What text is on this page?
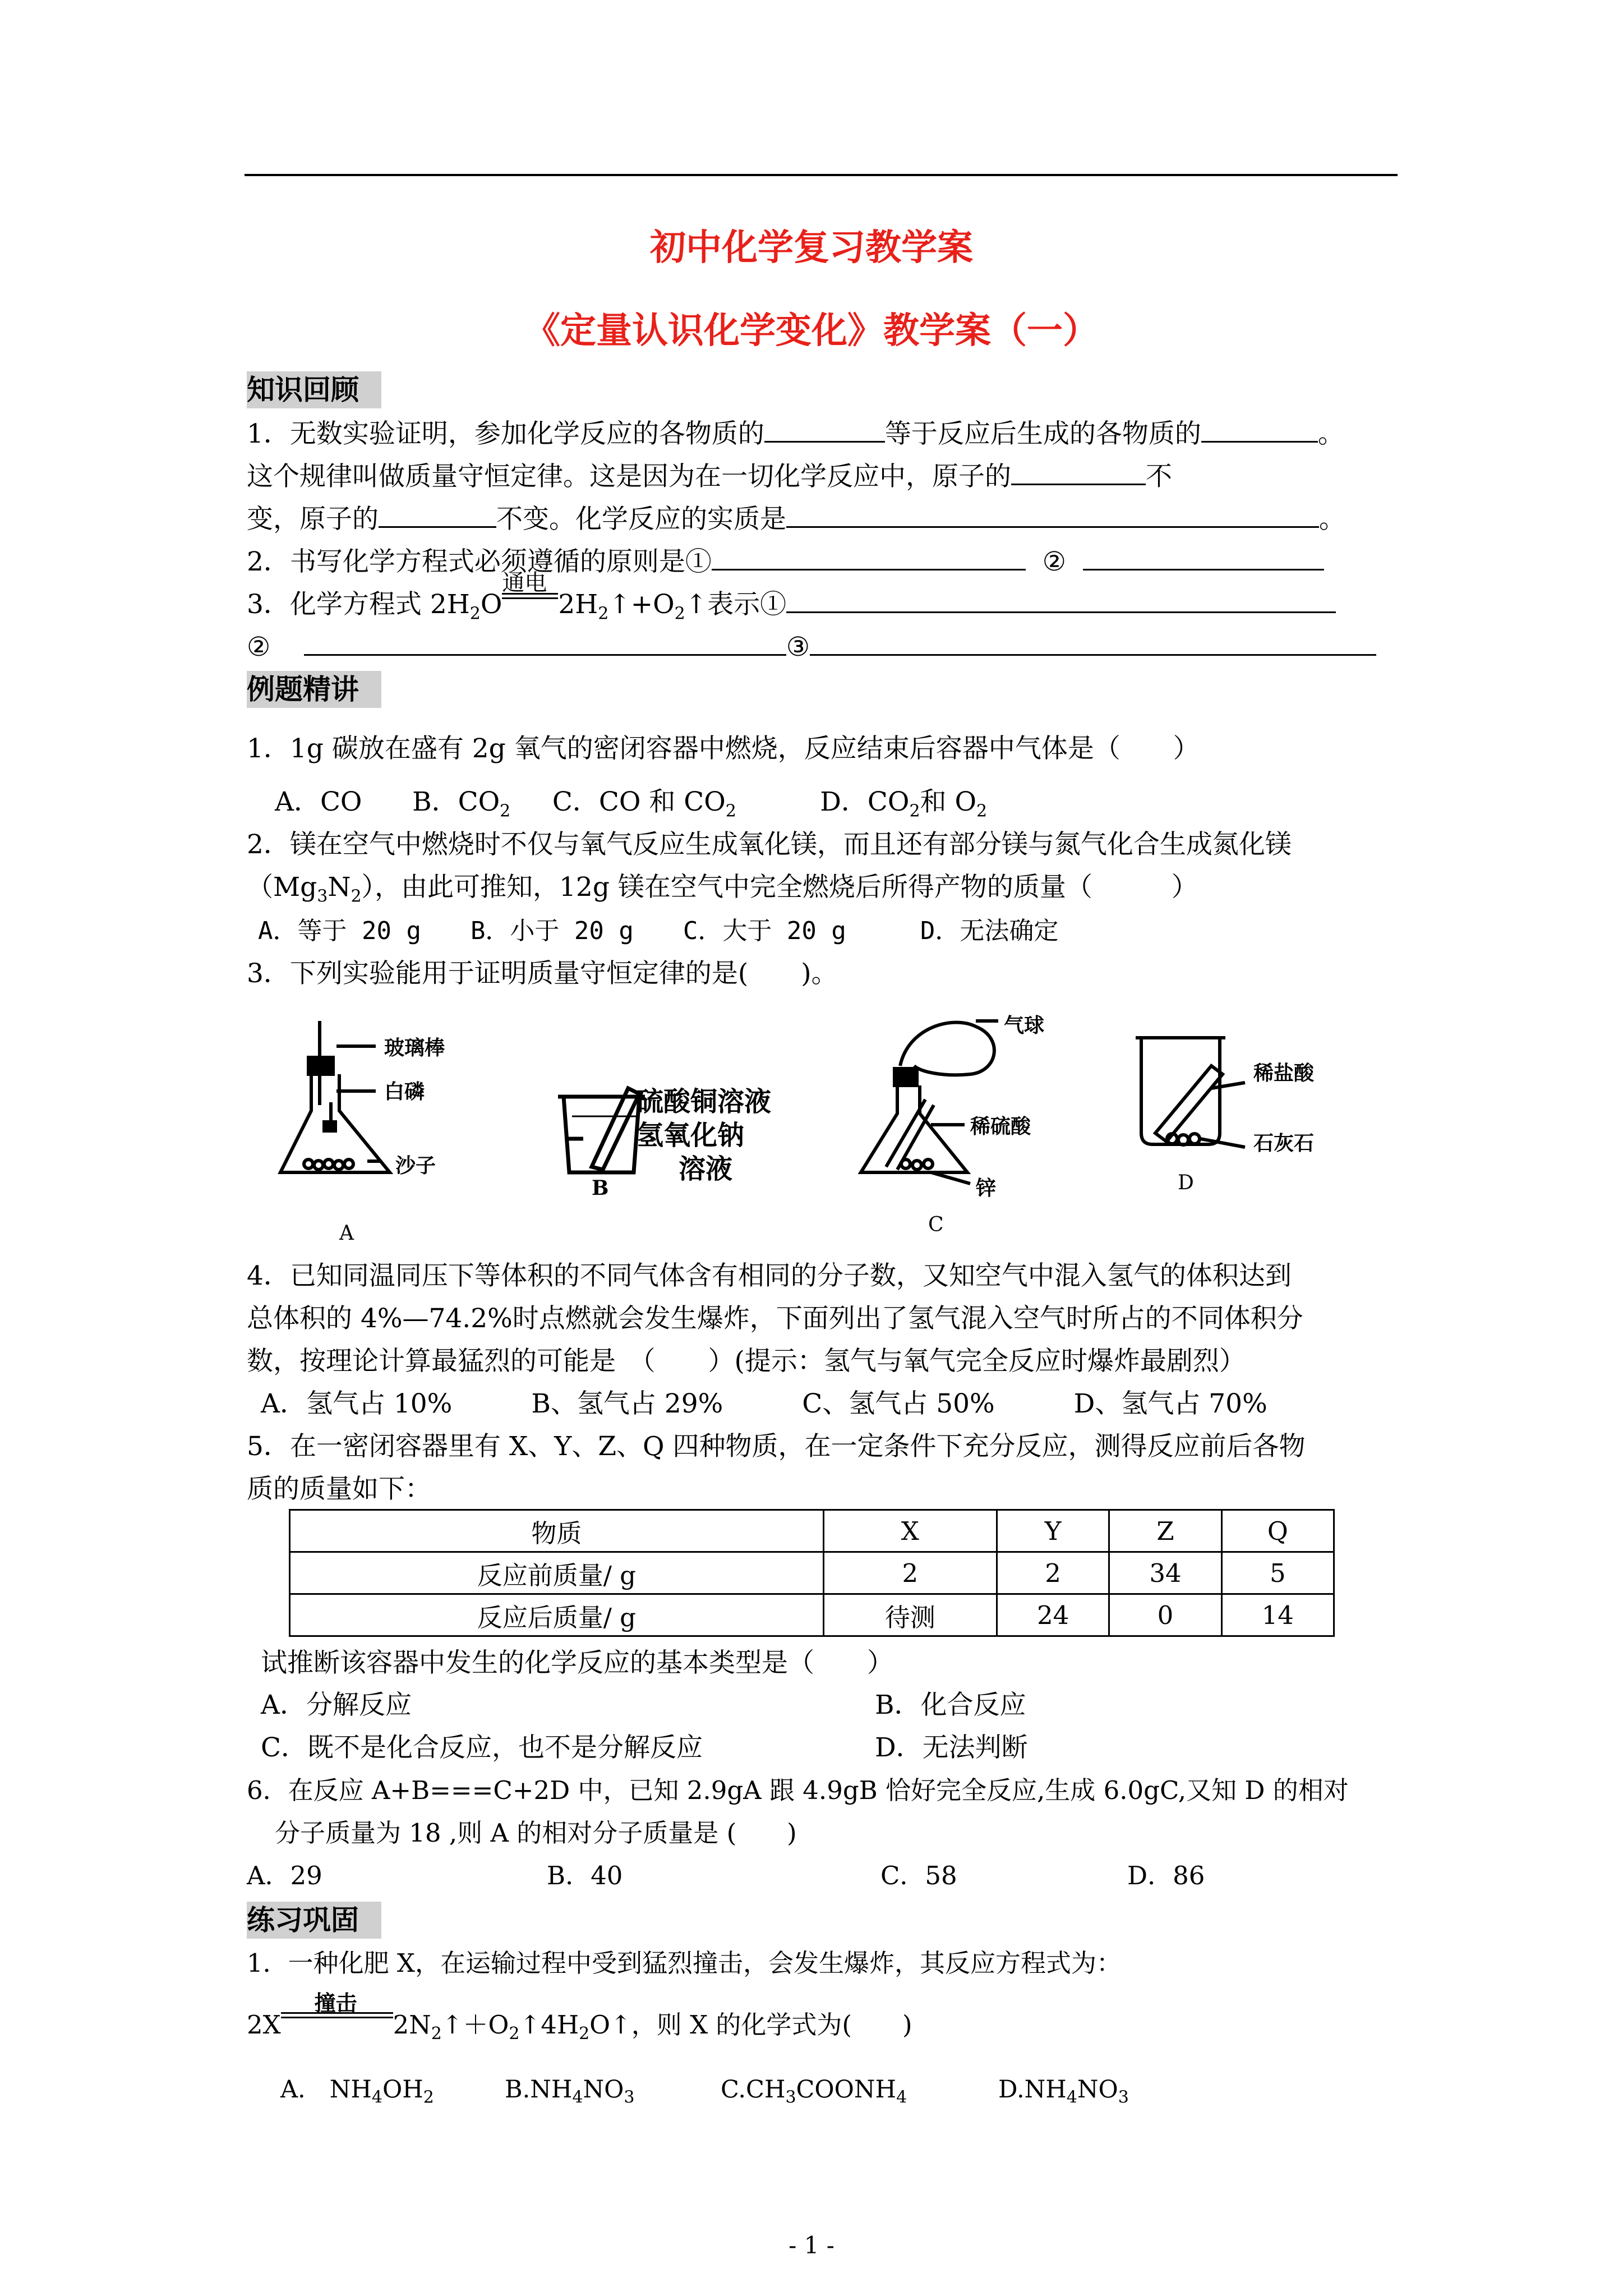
初中化学复习教学案
《定量认识化学变化》教学案（一）
知识回顾
1．无数实验证明，参加化学反应的各物质的	等于反应后生成的各物质的	。
这个规律叫做质量守恒定律。这是因为在一切化学反应中，原子的	不
变，原子的	不变。化学反应的实质是	。
2．书写化学方程式必须遵循的原则是①	②
3．化学方程式 $2H_2O$
通电
$2H_2↑+O_2↑$表示①
②	③
例题精讲
1．1g 碳放在盛有 2g 氧气的密闭容器中燃烧，反应结束后容器中气体是（　　）
A．CO B．$CO_2$ C．CO 和 $CO_2$	D．$CO_2$和 $O_2$
2．镁在空气中燃烧时不仅与氧气反应生成氧化镁，而且还有部分镁与氮气化合生成氮化镁
$(Mg_3N_2)$，由此可推知，12g 镁在空气中完全燃烧后所得产物的质量（　　　）
A．等于 20 g　　B．小于 20 g　　C．大于 20 g　　　D．无法确定
3．下列实验能用于证明质量守恒定律的是(　　)。
玻璃棒
白磷
沙子
A
B
硫酸铜溶液
氢氧化钠
溶液
气球
稀硫酸
锌
C
稀盐酸
石灰石
D
4．已知同温同压下等体积的不同气体含有相同的分子数，又知空气中混入氢气的体积达到
总体积的 4%—74.2%时点燃就会发生爆炸，下面列出了氢气混入空气时所占的不同体积分
数，按理论计算最猛烈的可能是　（　　）(提示：氢气与氧气完全反应时爆炸最剧烈）
A．氢气占 10%　　　B、氢气占 29%　　　C、氢气占 50%　　　D、氢气占 70%
5．在一密闭容器里有 X、Y、Z、Q 四种物质，在一定条件下充分反应，测得反应前后各物
质的质量如下：
物质	X	Y	Z	Q
反应前质量/ g	2	2	34	5
反应后质量/ g	待测	24	0	14
试推断该容器中发生的化学反应的基本类型是（　　）
A．分解反应	B．化合反应
C．既不是化合反应，也不是分解反应	D．无法判断
6．在反应 A+B===C+2D 中，已知 2.9gA 跟 4.9gB 恰好完全反应,生成 6.0gC,又知 D 的相对
分子质量为 18 ,则 A 的相对分子质量是 (　　)
A．29	B．40	C．58	D．86
练习巩固
1．一种化肥 X，在运输过程中受到猛烈撞击，会发生爆炸，其反应方程式为：
2X
撞击
$2N_2↑+O_2↑4H_2O↑$，则 X 的化学式为(　　)
A.　$NH_4OH_2$	$B.NH_4NO_3$	$C.CH_3COONH_4$	$D.NH_4NO_3$
- 1 -
